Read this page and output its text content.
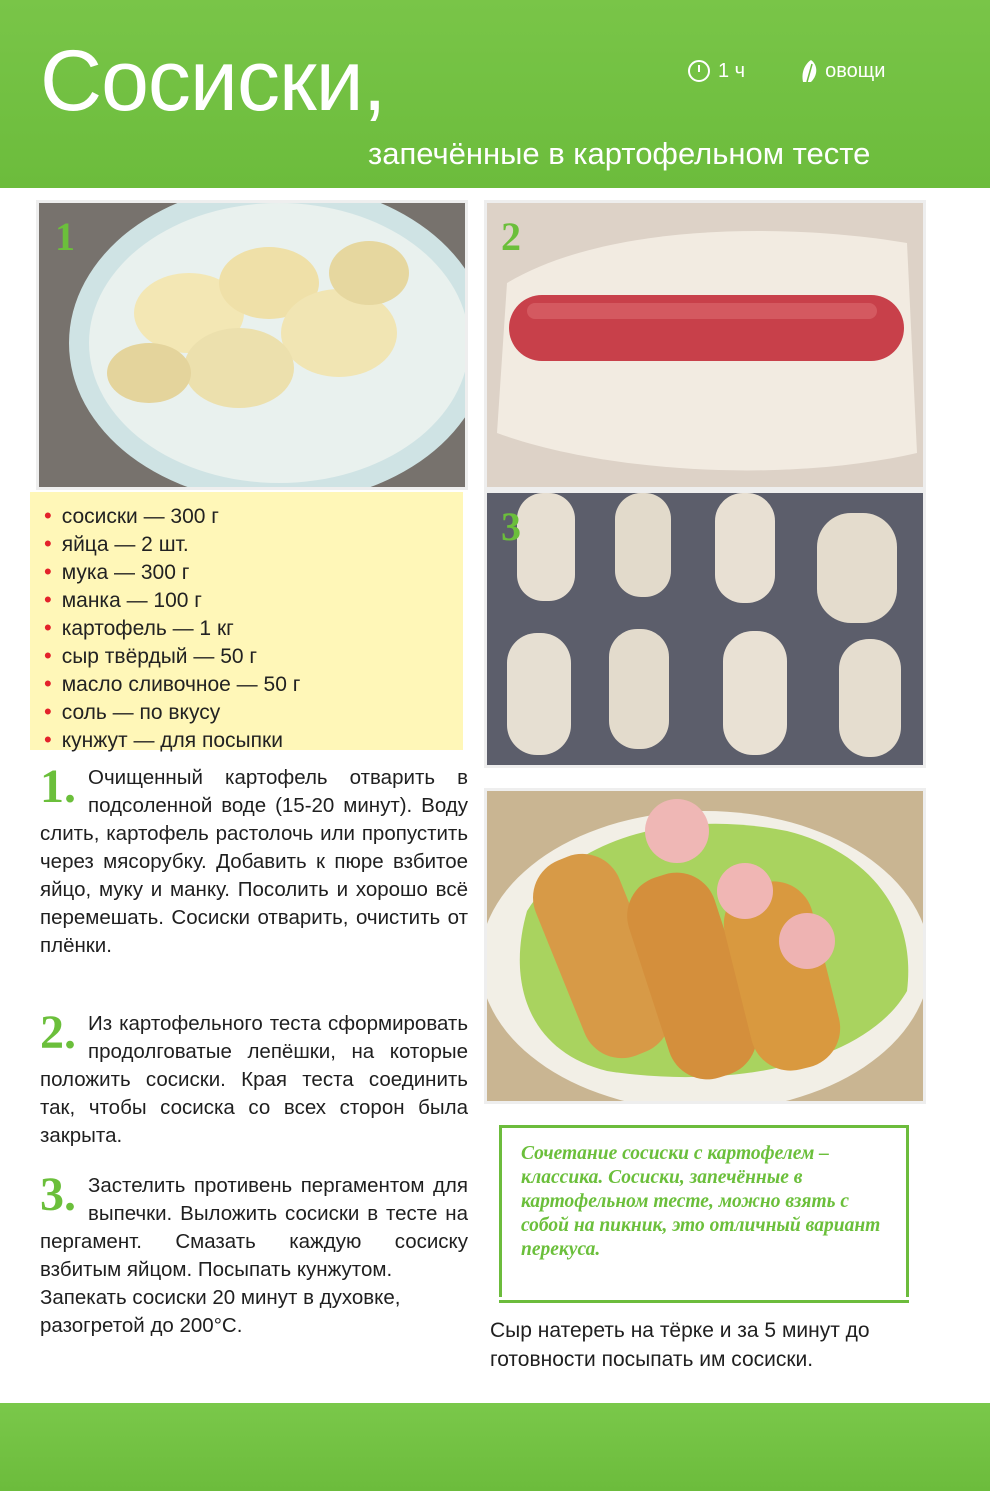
Сосиски,
запечённые в картофельном тесте
1 ч	овощи
1	2
• сосиски — 300 г
• яйца — 2 шт.
• мука — 300 г
• манка — 100 г
• картофель — 1 кг
• сыр твёрдый — 50 г
• масло сливочное — 50 г
• соль — по вкусу
• кунжут — для посыпки
3
1. Очищенный картофель отварить в подсоленной воде (15-20 минут). Воду слить, картофель растолочь или пропустить через мясорубку. Добавить к пюре взбитое яйцо, муку и манку. Посолить и хорошо всё перемешать. Сосиски отварить, очистить от плёнки.
2. Из картофельного теста сформировать продолговатые лепёшки, на которые положить сосиски. Края теста соединить так, чтобы сосиска со всех сторон была закрыта.
3. Застелить противень пергаментом для выпечки. Выложить сосиски в тесте на пергамент. Смазать каждую сосиску взбитым яйцом. Посыпать кунжутом.
Запекать сосиски 20 минут в духовке, разогретой до 200°С.
Сочетание сосиски с картофелем – классика. Сосиски, запечённые в картофельном тесте, можно взять с собой на пикник, это отличный вариант перекуса.
Сыр натереть на тёрке и за 5 минут до готовности посыпать им сосиски.
